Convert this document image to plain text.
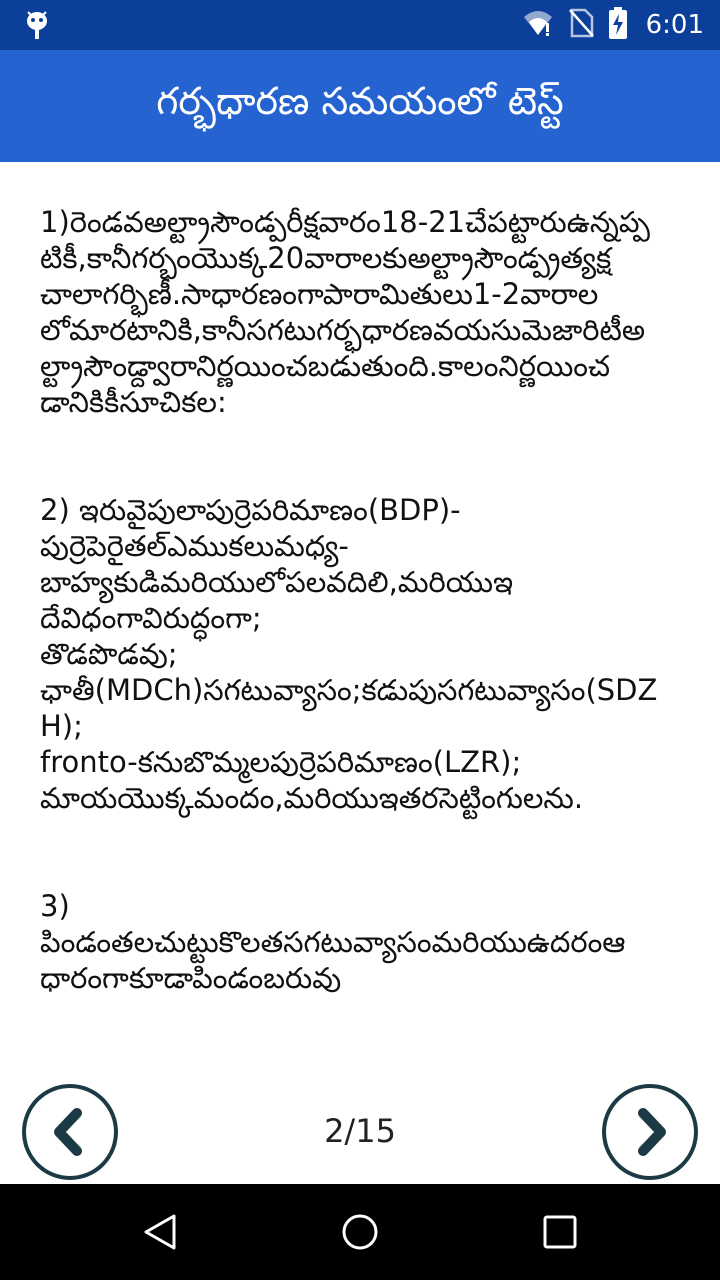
6:01
గర్భధారణ సమయంలో టెస్ట్

1)రెండవఅల్ట్రాసౌండ్పరీక్షవారం18-21చేపట్టారుఉన్నప్పటికీ,కానీగర్భంయొక్క20వారాలకుఅల్ట్రాసౌండ్ప్రత్యక్షచాలాగర్భిణీ.సాధారణంగాపారామితులు1-2వారాలలోమారటానికి,కానీసగటుగర్భధారణవయసుమెజారిటీఅల్ట్రాసౌండ్ద్వారానిర్ణయించబడుతుంది.కాలంనిర్ణయించడానికికీసూచికల:

2) ఇరువైపులాపుర్రెపరిమాణం(BDP)-
పుర్రెపెరైతల్ఎముకలుమధ్య-
బాహ్యకుడిమరియులోపలవదిలి,మరియుఇదేవిధంగావిరుద్ధంగా;
తొడపొడవు;
ఛాతీ(MDCh)సగటువ్యాసం;కడుపుసగటువ్యాసం(SDZH);
fronto-కనుబొమ్మలపుర్రెపరిమాణం(LZR);
మాయయొక్కమందం,మరియుఇతరసెట్టింగులను.

3)
పిండంతలచుట్టుకొలతసగటువ్యాసంమరియుఉదరంఆధారంగాకూడాపిండంబరువు

2/15
